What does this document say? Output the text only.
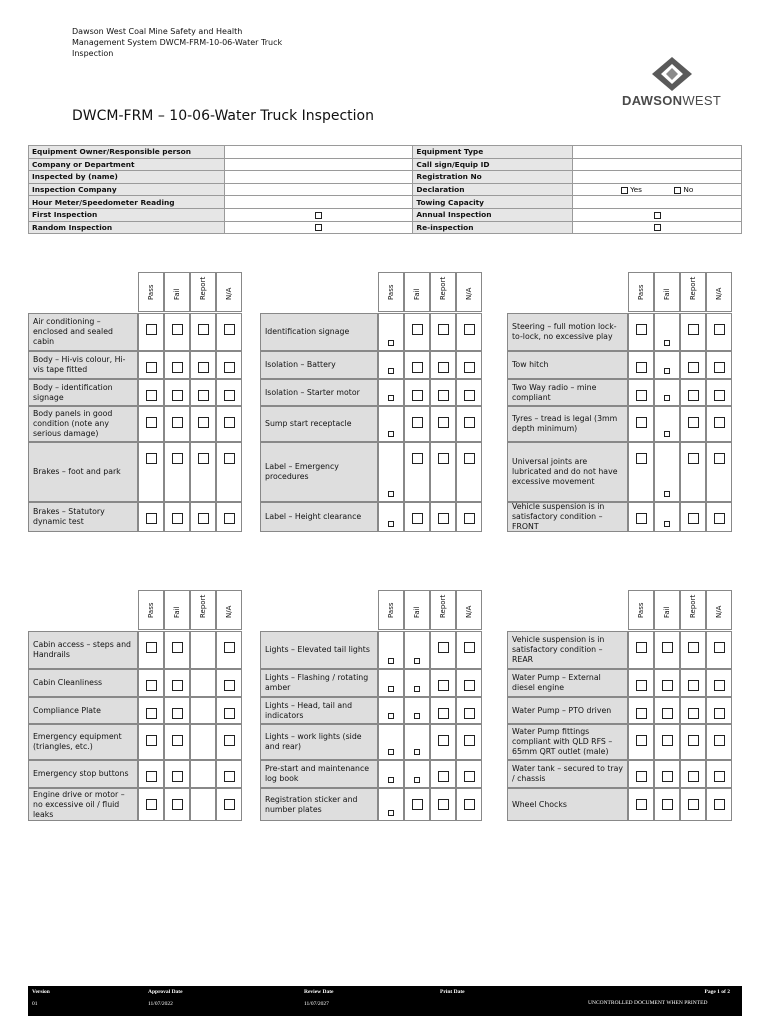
Dawson West Coal Mine Safety and Health
Management System DWCM-FRM-10-06-Water Truck
Inspection
DAWSONWEST
DWCM-FRM – 10-06-Water Truck Inspection
Equipment Owner/Responsible person		Equipment Type	
Company or Department		Call sign/Equip ID	
Inspected by (name)		Registration No	
Inspection Company		Declaration	Yes No
Hour Meter/Speedometer Reading		Towing Capacity	
First Inspection		Annual Inspection	
Random Inspection		Re-inspection	
Pass	Fail	Report	N/A
Air conditioning – enclosed and sealed cabin
Body – Hi-vis colour, Hi-vis tape fitted
Body – identification signage
Body panels in good condition (note any serious damage)
Brakes – foot and park
Brakes – Statutory dynamic test
Pass	Fail	Report	N/A
Identification signage
Isolation – Battery
Isolation – Starter motor
Sump start receptacle
Label – Emergency procedures
Label – Height clearance
Pass	Fail	Report	N/A
Steering – full motion lock-to-lock, no excessive play
Tow hitch
Two Way radio – mine compliant
Tyres – tread is legal (3mm depth minimum)
Universal joints are lubricated and do not have excessive movement
Vehicle suspension is in satisfactory condition – FRONT
Pass	Fail	Report	N/A
Cabin access – steps and Handrails
Cabin Cleanliness
Compliance Plate
Emergency equipment (triangles, etc.)
Emergency stop buttons
Engine drive or motor – no excessive oil / fluid leaks
Pass	Fail	Report	N/A
Lights – Elevated tail lights
Lights – Flashing / rotating amber
Lights – Head, tail and indicators
Lights – work lights (side and rear)
Pre-start and maintenance log book
Registration sticker and number plates
Pass	Fail	Report	N/A
Vehicle suspension is in satisfactory condition – REAR
Water Pump – External diesel engine
Water Pump – PTO driven
Water Pump fittings compliant with QLD RFS – 65mm QRT outlet (male)
Water tank – secured to tray / chassis
Wheel Chocks
Version
01
Approval Date
11/07/2022
Review Date
11/07/2027
Print Date	Page 1 of 2
UNCONTROLLED DOCUMENT WHEN PRINTED
